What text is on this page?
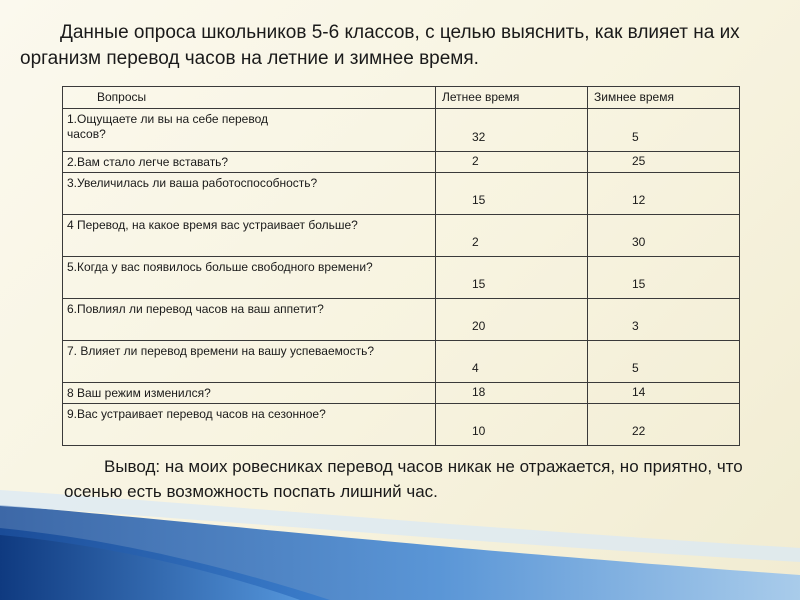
Данные опроса школьников 5-6 классов, с целью выяснить, как влияет на их организм перевод часов на летние и зимнее время.

Вопросы	Летнее время	Зимнее время
1.Ощущаете ли вы на себе перевод
часов?	32	5
2.Вам стало легче вставать?	2	25
3.Увеличилась ли ваша работоспособность?	15	12
4 Перевод, на какое время вас устраивает больше?	2	30
5.Когда у вас появилось больше свободного времени?	15	15
6.Повлиял ли перевод часов на ваш аппетит?	20	3
7. Влияет ли перевод времени на вашу успеваемость?	4	5
8 Ваш режим изменился?	18	14
9.Вас устраивает перевод часов на сезонное?	10	22

Вывод: на моих ровесниках перевод часов никак не отражается, но приятно, что осенью есть возможность поспать лишний час.
